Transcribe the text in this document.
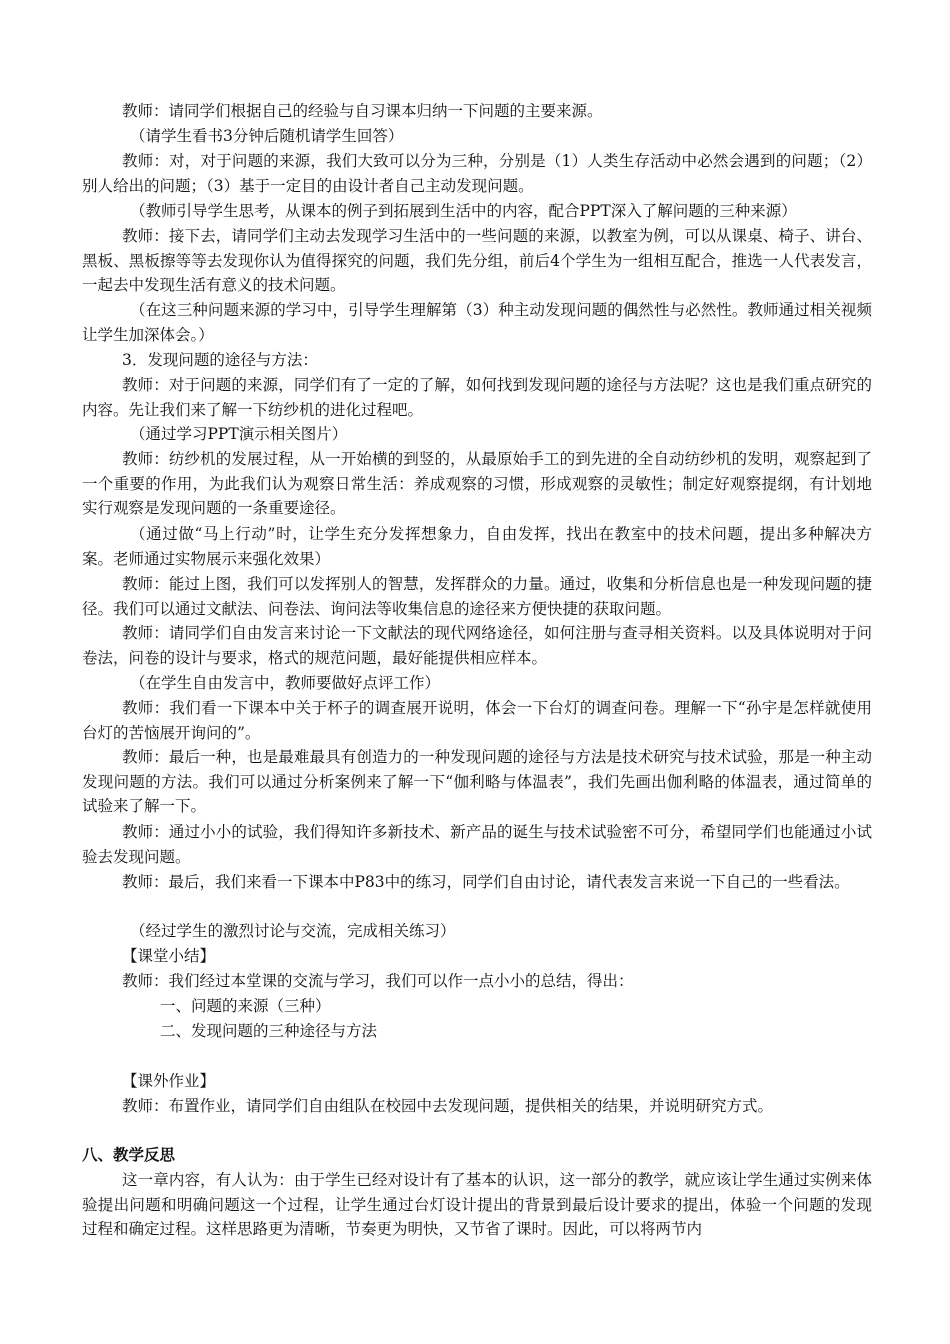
教师：请同学们根据自己的经验与自习课本归纳一下问题的主要来源。

（请学生看书3分钟后随机请学生回答）

教师：对，对于问题的来源，我们大致可以分为三种，分别是（1）人类生存活动中必然会遇到的问题；（2）别人给出的问题；（3）基于一定目的由设计者自己主动发现问题。

（教师引导学生思考，从课本的例子到拓展到生活中的内容，配合PPT深入了解问题的三种来源）

教师：接下去，请同学们主动去发现学习生活中的一些问题的来源，以教室为例，可以从课桌、椅子、讲台、黑板、黑板擦等等去发现你认为值得探究的问题，我们先分组，前后4个学生为一组相互配合，推选一人代表发言，一起去中发现生活有意义的技术问题。

（在这三种问题来源的学习中，引导学生理解第（3）种主动发现问题的偶然性与必然性。教师通过相关视频让学生加深体会。）

3．发现问题的途径与方法：

教师：对于问题的来源，同学们有了一定的了解，如何找到发现问题的途径与方法呢？这也是我们重点研究的内容。先让我们来了解一下纺纱机的进化过程吧。

（通过学习PPT演示相关图片）

教师：纺纱机的发展过程，从一开始横的到竖的，从最原始手工的到先进的全自动纺纱机的发明，观察起到了一个重要的作用，为此我们认为观察日常生活：养成观察的习惯，形成观察的灵敏性；制定好观察提纲，有计划地实行观察是发现问题的一条重要途径。

（通过做“马上行动”时，让学生充分发挥想象力，自由发挥，找出在教室中的技术问题，提出多种解决方案。老师通过实物展示来强化效果）

教师：能过上图，我们可以发挥别人的智慧，发挥群众的力量。通过，收集和分析信息也是一种发现问题的捷径。我们可以通过文献法、问卷法、询问法等收集信息的途径来方便快捷的获取问题。

教师：请同学们自由发言来讨论一下文献法的现代网络途径，如何注册与查寻相关资料。以及具体说明对于问卷法，问卷的设计与要求，格式的规范问题，最好能提供相应样本。

（在学生自由发言中，教师要做好点评工作）

教师：我们看一下课本中关于杯子的调查展开说明，体会一下台灯的调查问卷。理解一下“孙宇是怎样就使用台灯的苦恼展开询问的”。

教师：最后一种，也是最难最具有创造力的一种发现问题的途径与方法是技术研究与技术试验，那是一种主动发现问题的方法。我们可以通过分析案例来了解一下“伽利略与体温表”，我们先画出伽利略的体温表，通过简单的试验来了解一下。

教师：通过小小的试验，我们得知许多新技术、新产品的诞生与技术试验密不可分，希望同学们也能通过小试验去发现问题。

教师：最后，我们来看一下课本中P83中的练习，同学们自由讨论，请代表发言来说一下自己的一些看法。

（经过学生的激烈讨论与交流，完成相关练习）

【课堂小结】

教师：我们经过本堂课的交流与学习，我们可以作一点小小的总结，得出：

一、问题的来源（三种）

二、发现问题的三种途径与方法

【课外作业】

教师：布置作业，请同学们自由组队在校园中去发现问题，提供相关的结果，并说明研究方式。

八、教学反思

这一章内容，有人认为：由于学生已经对设计有了基本的认识，这一部分的教学，就应该让学生通过实例来体验提出问题和明确问题这一个过程，让学生通过台灯设计提出的背景到最后设计要求的提出，体验一个问题的发现过程和确定过程。这样思路更为清晰，节奏更为明快，又节省了课时。因此，可以将两节内
